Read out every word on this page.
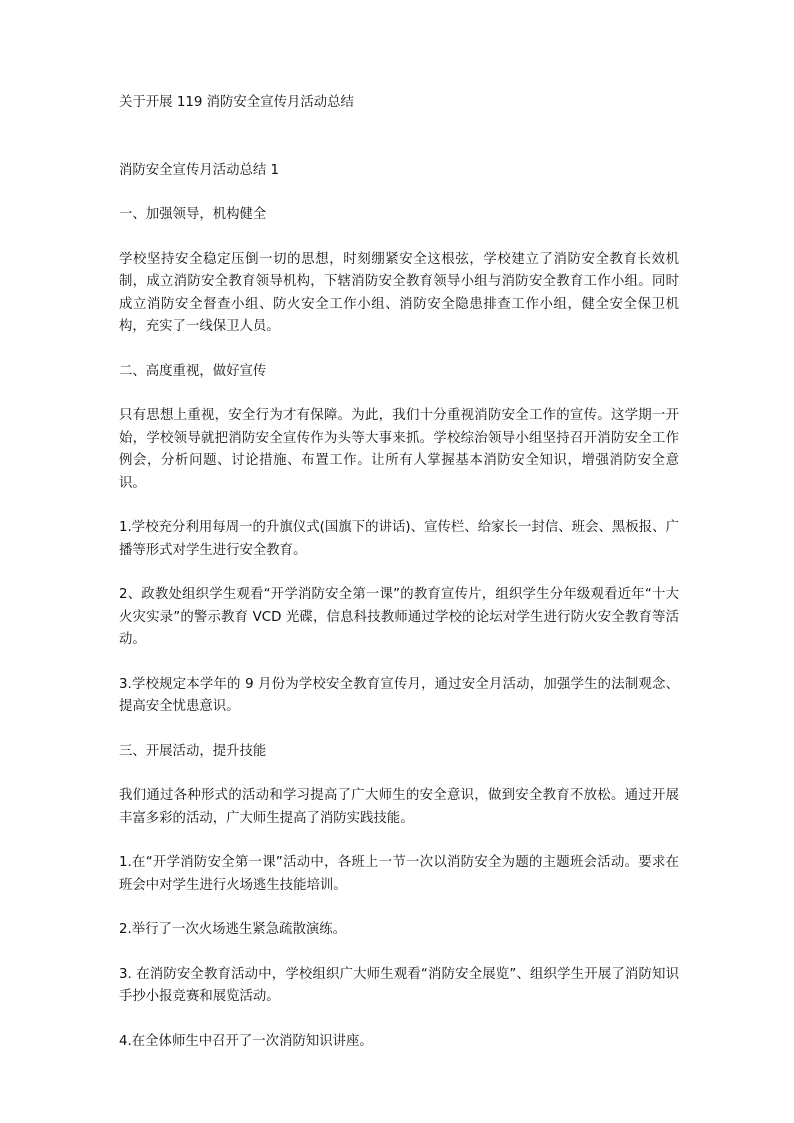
关于开展 119 消防安全宣传月活动总结

消防安全宣传月活动总结 1

一、加强领导，机构健全

学校坚持安全稳定压倒一切的思想，时刻绷紧安全这根弦，学校建立了消防安全教育长效机制，成立消防安全教育领导机构，下辖消防安全教育领导小组与消防安全教育工作小组。同时成立消防安全督查小组、防火安全工作小组、消防安全隐患排查工作小组，健全安全保卫机构，充实了一线保卫人员。

二、高度重视，做好宣传

只有思想上重视，安全行为才有保障。为此，我们十分重视消防安全工作的宣传。这学期一开始，学校领导就把消防安全宣传作为头等大事来抓。学校综治领导小组坚持召开消防安全工作例会，分析问题、讨论措施、布置工作。让所有人掌握基本消防安全知识，增强消防安全意识。

1.学校充分利用每周一的升旗仪式(国旗下的讲话)、宣传栏、给家长一封信、班会、黑板报、广播等形式对学生进行安全教育。

2、政教处组织学生观看“开学消防安全第一课”的教育宣传片，组织学生分年级观看近年“十大火灾实录”的警示教育 VCD 光碟，信息科技教师通过学校的论坛对学生进行防火安全教育等活动。

3.学校规定本学年的 9 月份为学校安全教育宣传月，通过安全月活动，加强学生的法制观念、提高安全忧患意识。

三、开展活动，提升技能

我们通过各种形式的活动和学习提高了广大师生的安全意识，做到安全教育不放松。通过开展丰富多彩的活动，广大师生提高了消防实践技能。

1.在“开学消防安全第一课”活动中，各班上一节一次以消防安全为题的主题班会活动。要求在班会中对学生进行火场逃生技能培训。

2.举行了一次火场逃生紧急疏散演练。

3. 在消防安全教育活动中，学校组织广大师生观看“消防安全展览”、组织学生开展了消防知识手抄小报竞赛和展览活动。

4.在全体师生中召开了一次消防知识讲座。
